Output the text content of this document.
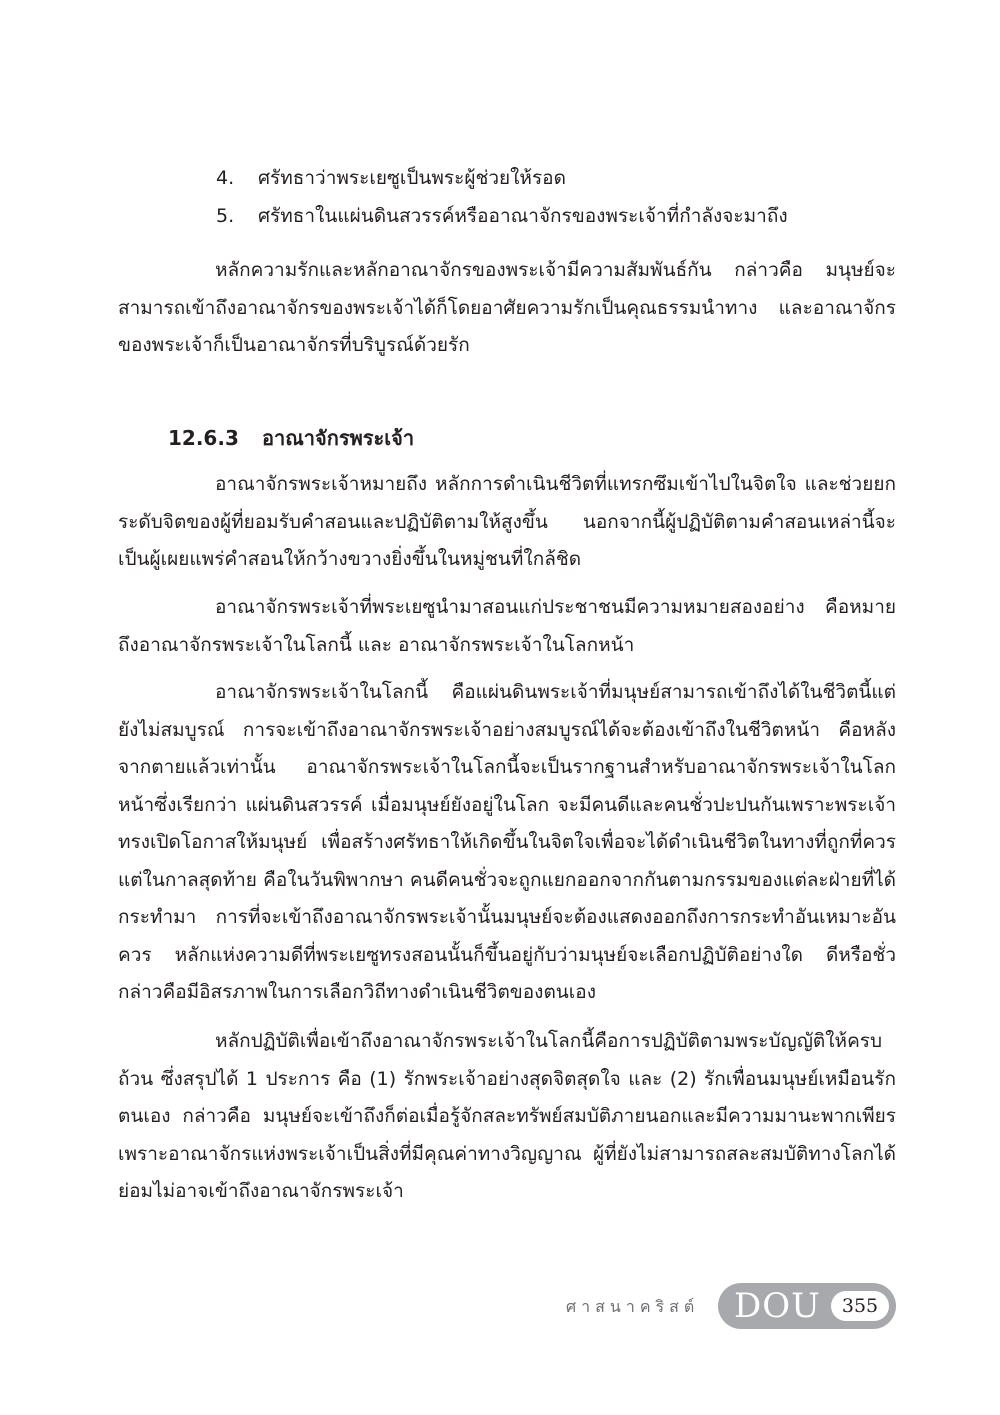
4.	ศรัทธาว่าพระเยซูเป็นพระผู้ช่วยให้รอด
5.	ศรัทธาในแผ่นดินสวรรค์หรืออาณาจักรของพระเจ้าที่กำลังจะมาถึง

หลักความรักและหลักอาณาจักรของพระเจ้ามีความสัมพันธ์กัน กล่าวคือ มนุษย์จะสามารถเข้าถึงอาณาจักรของพระเจ้าได้ก็โดยอาศัยความรักเป็นคุณธรรมนำทาง และอาณาจักรของพระเจ้าก็เป็นอาณาจักรที่บริบูรณ์ด้วยรัก

12.6.3	อาณาจักรพระเจ้า

อาณาจักรพระเจ้าหมายถึง หลักการดำเนินชีวิตที่แทรกซึมเข้าไปในจิตใจ และช่วยยกระดับจิตของผู้ที่ยอมรับคำสอนและปฏิบัติตามให้สูงขึ้น นอกจากนี้ผู้ปฏิบัติตามคำสอนเหล่านี้จะเป็นผู้เผยแพร่คำสอนให้กว้างขวางยิ่งขึ้นในหมู่ชนที่ใกล้ชิด

อาณาจักรพระเจ้าที่พระเยซูนำมาสอนแก่ประชาชนมีความหมายสองอย่าง คือหมายถึงอาณาจักรพระเจ้าในโลกนี้ และ อาณาจักรพระเจ้าในโลกหน้า

อาณาจักรพระเจ้าในโลกนี้ คือแผ่นดินพระเจ้าที่มนุษย์สามารถเข้าถึงได้ในชีวิตนี้แต่ยังไม่สมบูรณ์ การจะเข้าถึงอาณาจักรพระเจ้าอย่างสมบูรณ์ได้จะต้องเข้าถึงในชีวิตหน้า คือหลังจากตายแล้วเท่านั้น อาณาจักรพระเจ้าในโลกนี้จะเป็นรากฐานสำหรับอาณาจักรพระเจ้าในโลกหน้าซึ่งเรียกว่า แผ่นดินสวรรค์ เมื่อมนุษย์ยังอยู่ในโลก จะมีคนดีและคนชั่วปะปนกันเพราะพระเจ้าทรงเปิดโอกาสให้มนุษย์ เพื่อสร้างศรัทธาให้เกิดขึ้นในจิตใจเพื่อจะได้ดำเนินชีวิตในทางที่ถูกที่ควร แต่ในกาลสุดท้าย คือในวันพิพากษา คนดีคนชั่วจะถูกแยกออกจากกันตามกรรมของแต่ละฝ่ายที่ได้กระทำมา การที่จะเข้าถึงอาณาจักรพระเจ้านั้นมนุษย์จะต้องแสดงออกถึงการกระทำอันเหมาะอันควร หลักแห่งความดีที่พระเยซูทรงสอนนั้นก็ขึ้นอยู่กับว่ามนุษย์จะเลือกปฏิบัติอย่างใด ดีหรือชั่ว กล่าวคือมีอิสรภาพในการเลือกวิถีทางดำเนินชีวิตของตนเอง

หลักปฏิบัติเพื่อเข้าถึงอาณาจักรพระเจ้าในโลกนี้คือการปฏิบัติตามพระบัญญัติให้ครบถ้วน ซึ่งสรุปได้ 1 ประการ คือ (1) รักพระเจ้าอย่างสุดจิตสุดใจ และ (2) รักเพื่อนมนุษย์เหมือนรักตนเอง กล่าวคือ มนุษย์จะเข้าถึงก็ต่อเมื่อรู้จักสละทรัพย์สมบัติภายนอกและมีความมานะพากเพียร เพราะอาณาจักรแห่งพระเจ้าเป็นสิ่งที่มีคุณค่าทางวิญญาณ ผู้ที่ยังไม่สามารถสละสมบัติทางโลกได้ย่อมไม่อาจเข้าถึงอาณาจักรพระเจ้า

ศาสนาคริสต์ DOU	355
